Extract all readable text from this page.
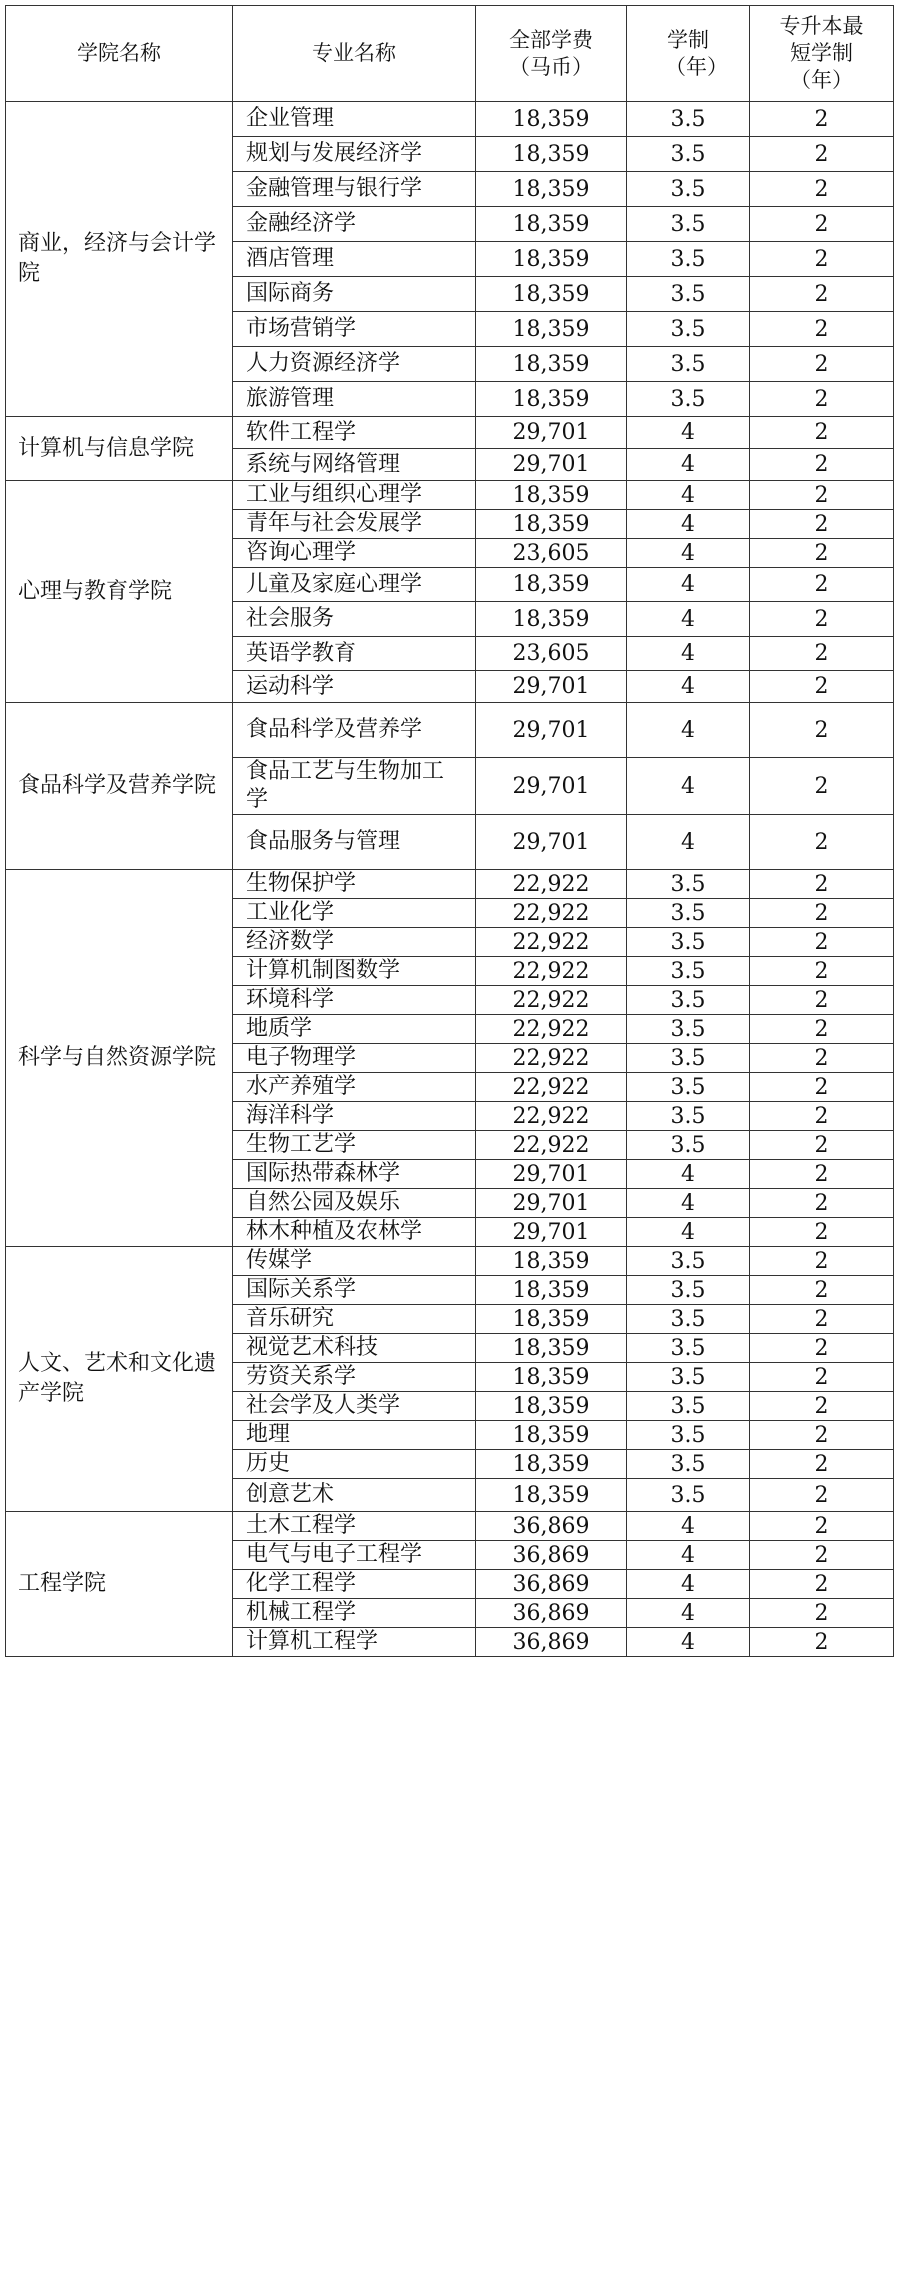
学院名称	专业名称	全部学费（马币）	学制（年）	专升本最短学制（年）

商业，经济与会计学院	企业管理	18,359	3.5	2
	规划与发展经济学	18,359	3.5	2
	金融管理与银行学	18,359	3.5	2
	金融经济学	18,359	3.5	2
	酒店管理	18,359	3.5	2
	国际商务	18,359	3.5	2
	市场营销学	18,359	3.5	2
	人力资源经济学	18,359	3.5	2
	旅游管理	18,359	3.5	2
计算机与信息学院	软件工程学	29,701	4	2
	系统与网络管理	29,701	4	2
心理与教育学院	工业与组织心理学	18,359	4	2
	青年与社会发展学	18,359	4	2
	咨询心理学	23,605	4	2
	儿童及家庭心理学	18,359	4	2
	社会服务	18,359	4	2
	英语学教育	23,605	4	2
	运动科学	29,701	4	2
食品科学及营养学院	食品科学及营养学	29,701	4	2
	食品工艺与生物加工学	29,701	4	2
	食品服务与管理	29,701	4	2
科学与自然资源学院	生物保护学	22,922	3.5	2
	工业化学	22,922	3.5	2
	经济数学	22,922	3.5	2
	计算机制图数学	22,922	3.5	2
	环境科学	22,922	3.5	2
	地质学	22,922	3.5	2
	电子物理学	22,922	3.5	2
	水产养殖学	22,922	3.5	2
	海洋科学	22,922	3.5	2
	生物工艺学	22,922	3.5	2
	国际热带森林学	29,701	4	2
	自然公园及娱乐	29,701	4	2
	林木种植及农林学	29,701	4	2
人文、艺术和文化遗产学院	传媒学	18,359	3.5	2
	国际关系学	18,359	3.5	2
	音乐研究	18,359	3.5	2
	视觉艺术科技	18,359	3.5	2
	劳资关系学	18,359	3.5	2
	社会学及人类学	18,359	3.5	2
	地理	18,359	3.5	2
	历史	18,359	3.5	2
	创意艺术	18,359	3.5	2
工程学院	土木工程学	36,869	4	2
	电气与电子工程学	36,869	4	2
	化学工程学	36,869	4	2
	机械工程学	36,869	4	2
	计算机工程学	36,869	4	2
